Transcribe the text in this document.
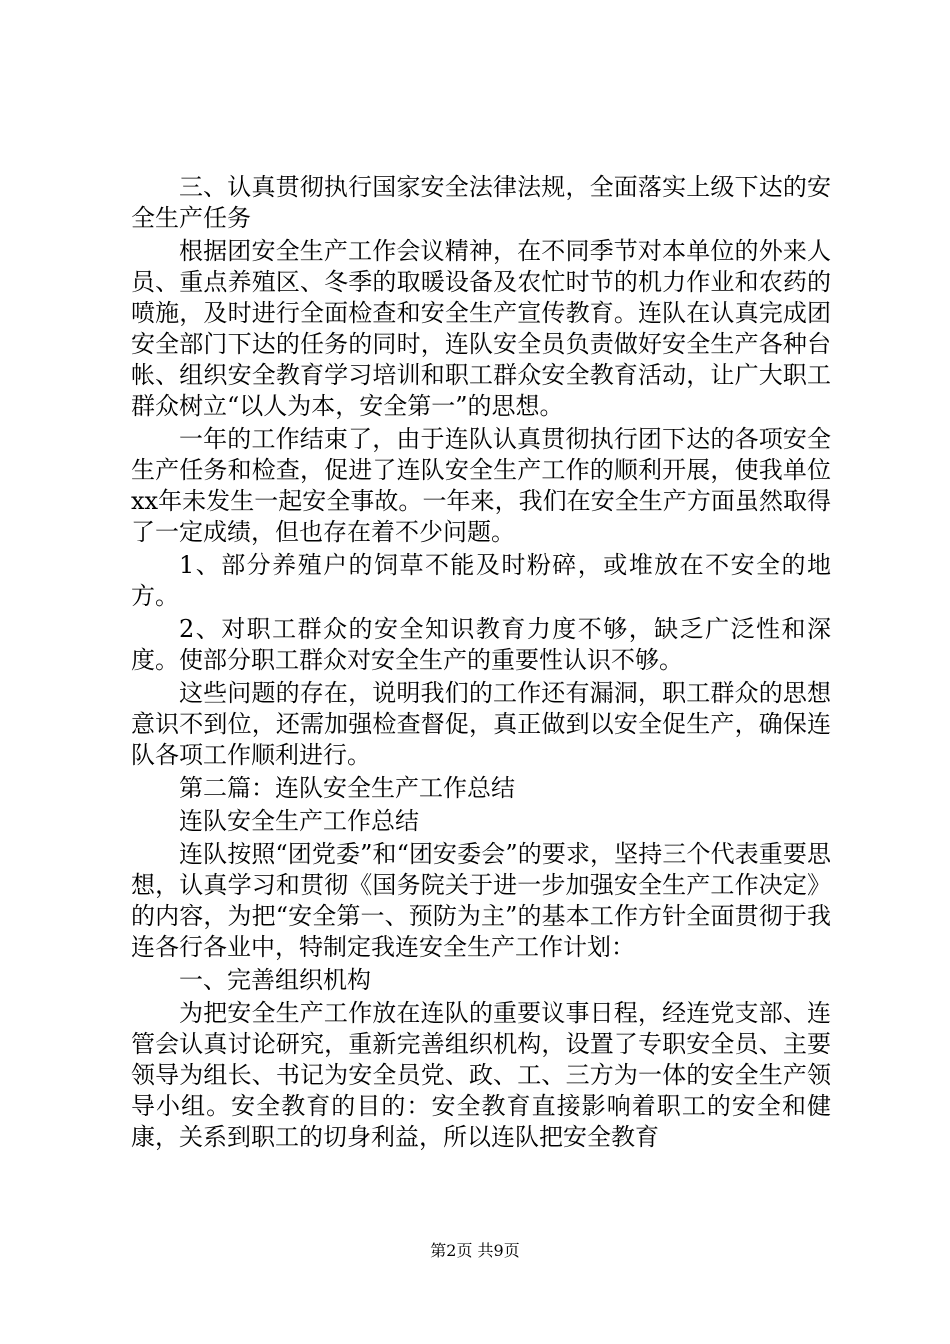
三、认真贯彻执行国家安全法律法规，全面落实上级下达的安全生产任务

根据团安全生产工作会议精神，在不同季节对本单位的外来人员、重点养殖区、冬季的取暖设备及农忙时节的机力作业和农药的喷施，及时进行全面检查和安全生产宣传教育。连队在认真完成团安全部门下达的任务的同时，连队安全员负责做好安全生产各种台帐、组织安全教育学习培训和职工群众安全教育活动，让广大职工群众树立“以人为本，安全第一”的思想。

一年的工作结束了，由于连队认真贯彻执行团下达的各项安全生产任务和检查，促进了连队安全生产工作的顺利开展，使我单位xx年未发生一起安全事故。一年来，我们在安全生产方面虽然取得了一定成绩，但也存在着不少问题。

1、部分养殖户的饲草不能及时粉碎，或堆放在不安全的地方。

2、对职工群众的安全知识教育力度不够，缺乏广泛性和深度。使部分职工群众对安全生产的重要性认识不够。

这些问题的存在，说明我们的工作还有漏洞，职工群众的思想意识不到位，还需加强检查督促，真正做到以安全促生产，确保连队各项工作顺利进行。

第二篇：连队安全生产工作总结

连队安全生产工作总结

连队按照“团党委”和“团安委会”的要求，坚持三个代表重要思想，认真学习和贯彻《国务院关于进一步加强安全生产工作决定》的内容，为把“安全第一、预防为主”的基本工作方针全面贯彻于我连各行各业中，特制定我连安全生产工作计划：

一、完善组织机构

为把安全生产工作放在连队的重要议事日程，经连党支部、连管会认真讨论研究，重新完善组织机构，设置了专职安全员、主要领导为组长、书记为安全员党、政、工、三方为一体的安全生产领导小组。安全教育的目的：安全教育直接影响着职工的安全和健康，关系到职工的切身利益，所以连队把安全教育

第2页 共9页
